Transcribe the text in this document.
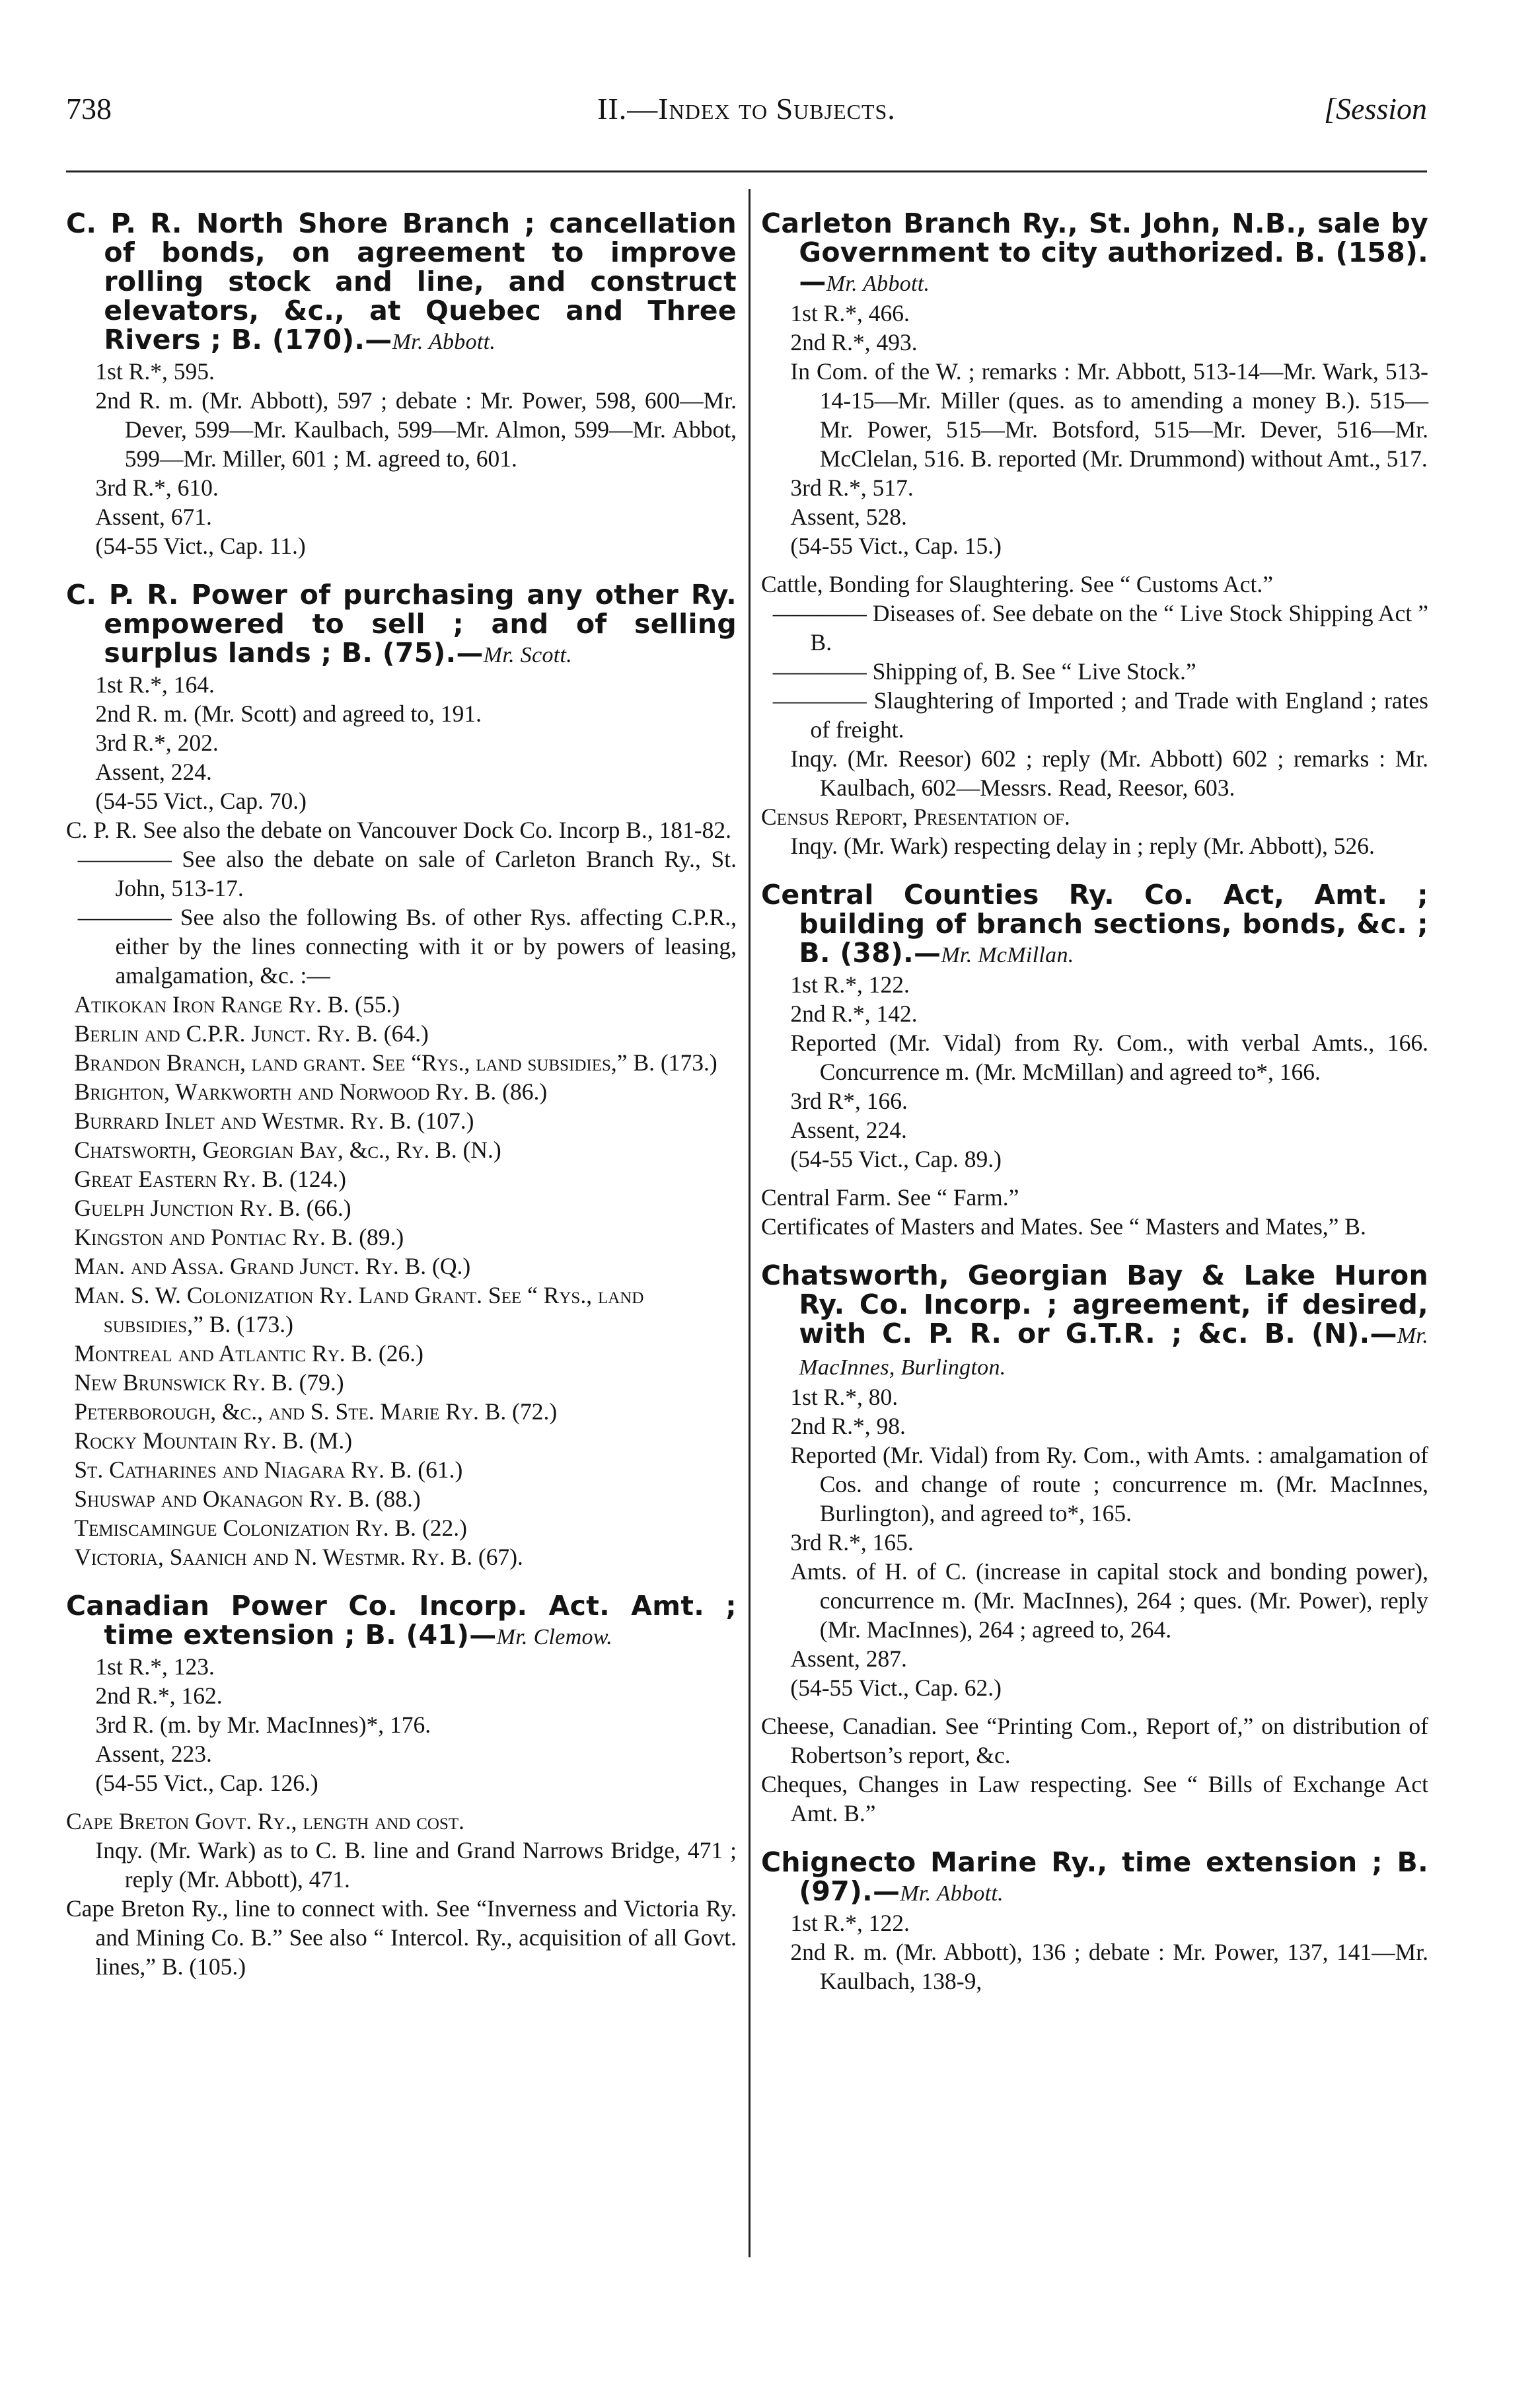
738	II.—Index to Subjects.	[Session

C. P. R. North Shore Branch ; cancellation of bonds, on agreement to improve rolling stock and line, and construct elevators, &c., at Quebec and Three Rivers ; B. (170).—Mr. Abbott.

1st R.*, 595.

2nd R. m. (Mr. Abbott), 597 ; debate : Mr. Power, 598, 600—Mr. Dever, 599—Mr. Kaulbach, 599—Mr. Almon, 599—Mr. Abbot, 599—Mr. Miller, 601 ; M. agreed to, 601.

3rd R.*, 610.

Assent, 671.

(54-55 Vict., Cap. 11.)

C. P. R. Power of purchasing any other Ry. empowered to sell ; and of selling surplus lands ; B. (75).—Mr. Scott.

1st R.*, 164.

2nd R. m. (Mr. Scott) and agreed to, 191.

3rd R.*, 202.

Assent, 224.

(54-55 Vict., Cap. 70.)

C. P. R. See also the debate on Vancouver Dock Co. Incorp B., 181-82.

———— See also the debate on sale of Carleton Branch Ry., St. John, 513-17.

———— See also the following Bs. of other Rys. affecting C.P.R., either by the lines connecting with it or by powers of leasing, amalgamation, &c. :—

Atikokan Iron Range Ry. B. (55.)

Berlin and C.P.R. Junct. Ry. B. (64.)

Brandon Branch, land grant. See “Rys., land subsidies,” B. (173.)

Brighton, Warkworth and Norwood Ry. B. (86.)

Burrard Inlet and Westmr. Ry. B. (107.)

Chatsworth, Georgian Bay, &c., Ry. B. (N.)

Great Eastern Ry. B. (124.)

Guelph Junction Ry. B. (66.)

Kingston and Pontiac Ry. B. (89.)

Man. and Assa. Grand Junct. Ry. B. (Q.)

Man. S. W. Colonization Ry. Land Grant. See “ Rys., land subsidies,” B. (173.)

Montreal and Atlantic Ry. B. (26.)

New Brunswick Ry. B. (79.)

Peterborough, &c., and S. Ste. Marie Ry. B. (72.)

Rocky Mountain Ry. B. (M.)

St. Catharines and Niagara Ry. B. (61.)

Shuswap and Okanagon Ry. B. (88.)

Temiscamingue Colonization Ry. B. (22.)

Victoria, Saanich and N. Westmr. Ry. B. (67).

Canadian Power Co. Incorp. Act. Amt. ; time extension ; B. (41)—Mr. Clemow.

1st R.*, 123.

2nd R.*, 162.

3rd R. (m. by Mr. MacInnes)*, 176.

Assent, 223.

(54-55 Vict., Cap. 126.)

Cape Breton Govt. Ry., length and cost.

Inqy. (Mr. Wark) as to C. B. line and Grand Narrows Bridge, 471 ; reply (Mr. Abbott), 471.

Cape Breton Ry., line to connect with. See “Inverness and Victoria Ry. and Mining Co. B.” See also “ Intercol. Ry., acquisition of all Govt. lines,” B. (105.)

Carleton Branch Ry., St. John, N.B., sale by Government to city authorized. B. (158).—Mr. Abbott.

1st R.*, 466.

2nd R.*, 493.

In Com. of the W. ; remarks : Mr. Abbott, 513-14—Mr. Wark, 513-14-15—Mr. Miller (ques. as to amending a money B.). 515—Mr. Power, 515—Mr. Botsford, 515—Mr. Dever, 516—Mr. McClelan, 516. B. reported (Mr. Drummond) without Amt., 517.

3rd R.*, 517.

Assent, 528.

(54-55 Vict., Cap. 15.)

Cattle, Bonding for Slaughtering. See “ Customs Act.”

———— Diseases of. See debate on the “ Live Stock Shipping Act ” B.

———— Shipping of, B. See “ Live Stock.”

———— Slaughtering of Imported ; and Trade with England ; rates of freight.

Inqy. (Mr. Reesor) 602 ; reply (Mr. Abbott) 602 ; remarks : Mr. Kaulbach, 602—Messrs. Read, Reesor, 603.

Census Report, Presentation of.

Inqy. (Mr. Wark) respecting delay in ; reply (Mr. Abbott), 526.

Central Counties Ry. Co. Act, Amt. ; building of branch sections, bonds, &c. ; B. (38).—Mr. McMillan.

1st R.*, 122.

2nd R.*, 142.

Reported (Mr. Vidal) from Ry. Com., with verbal Amts., 166. Concurrence m. (Mr. McMillan) and agreed to*, 166.

3rd R*, 166.

Assent, 224.

(54-55 Vict., Cap. 89.)

Central Farm. See “ Farm.”

Certificates of Masters and Mates. See “ Masters and Mates,” B.

Chatsworth, Georgian Bay & Lake Huron Ry. Co. Incorp. ; agreement, if desired, with C. P. R. or G.T.R. ; &c. B. (N).—Mr. MacInnes, Burlington.

1st R.*, 80.

2nd R.*, 98.

Reported (Mr. Vidal) from Ry. Com., with Amts. : amalgamation of Cos. and change of route ; concurrence m. (Mr. MacInnes, Burlington), and agreed to*, 165.

3rd R.*, 165.

Amts. of H. of C. (increase in capital stock and bonding power), concurrence m. (Mr. MacInnes), 264 ; ques. (Mr. Power), reply (Mr. MacInnes), 264 ; agreed to, 264.

Assent, 287.

(54-55 Vict., Cap. 62.)

Cheese, Canadian. See “Printing Com., Report of,” on distribution of Robertson’s report, &c.

Cheques, Changes in Law respecting. See “ Bills of Exchange Act Amt. B.”

Chignecto Marine Ry., time extension ; B. (97).—Mr. Abbott.

1st R.*, 122.

2nd R. m. (Mr. Abbott), 136 ; debate : Mr. Power, 137, 141—Mr. Kaulbach, 138-9,
